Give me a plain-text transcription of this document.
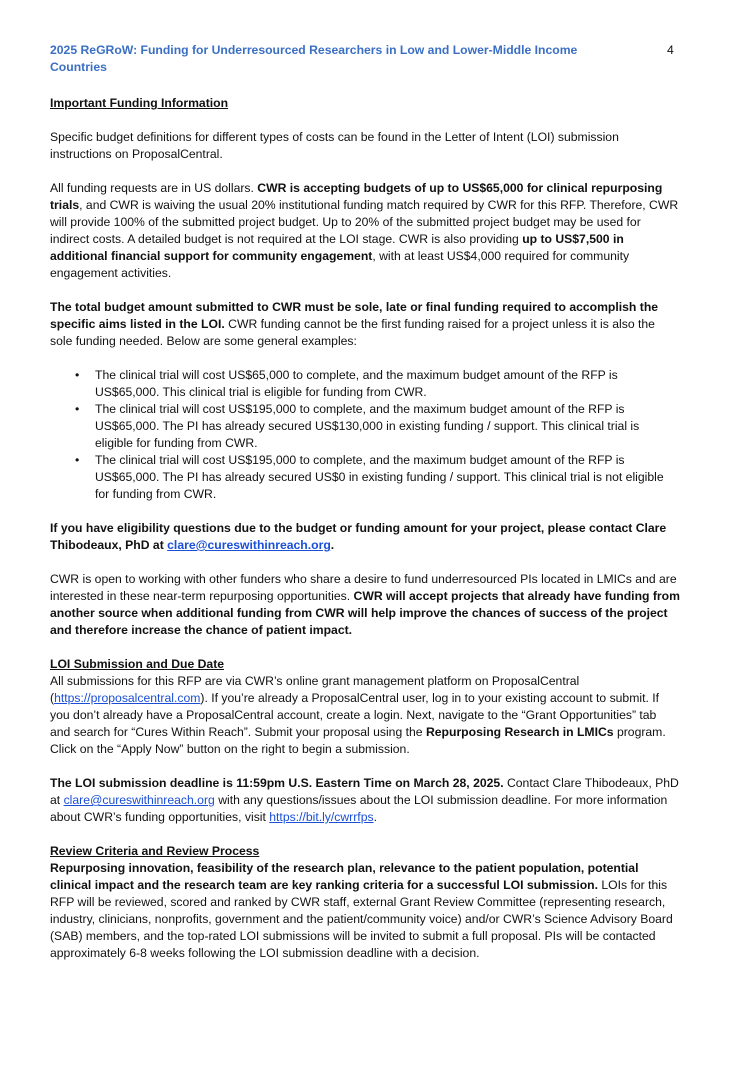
2025 ReGRoW: Funding for Underresourced Researchers in Low and Lower-Middle Income Countries
4

Important Funding Information

Specific budget definitions for different types of costs can be found in the Letter of Intent (LOI) submission instructions on ProposalCentral.

All funding requests are in US dollars. CWR is accepting budgets of up to US$65,000 for clinical repurposing trials, and CWR is waiving the usual 20% institutional funding match required by CWR for this RFP. Therefore, CWR will provide 100% of the submitted project budget. Up to 20% of the submitted project budget may be used for indirect costs. A detailed budget is not required at the LOI stage. CWR is also providing up to US$7,500 in additional financial support for community engagement, with at least US$4,000 required for community engagement activities.

The total budget amount submitted to CWR must be sole, late or final funding required to accomplish the specific aims listed in the LOI. CWR funding cannot be the first funding raised for a project unless it is also the sole funding needed. Below are some general examples:

• The clinical trial will cost US$65,000 to complete, and the maximum budget amount of the RFP is US$65,000. This clinical trial is eligible for funding from CWR.
• The clinical trial will cost US$195,000 to complete, and the maximum budget amount of the RFP is US$65,000. The PI has already secured US$130,000 in existing funding / support. This clinical trial is eligible for funding from CWR.
• The clinical trial will cost US$195,000 to complete, and the maximum budget amount of the RFP is US$65,000. The PI has already secured US$0 in existing funding / support. This clinical trial is not eligible for funding from CWR.

If you have eligibility questions due to the budget or funding amount for your project, please contact Clare Thibodeaux, PhD at clare@cureswithinreach.org.

CWR is open to working with other funders who share a desire to fund underresourced PIs located in LMICs and are interested in these near-term repurposing opportunities. CWR will accept projects that already have funding from another source when additional funding from CWR will help improve the chances of success of the project and therefore increase the chance of patient impact.

LOI Submission and Due Date
All submissions for this RFP are via CWR’s online grant management platform on ProposalCentral (https://proposalcentral.com). If you’re already a ProposalCentral user, log in to your existing account to submit. If you don’t already have a ProposalCentral account, create a login. Next, navigate to the “Grant Opportunities” tab and search for “Cures Within Reach”. Submit your proposal using the Repurposing Research in LMICs program. Click on the “Apply Now” button on the right to begin a submission.

The LOI submission deadline is 11:59pm U.S. Eastern Time on March 28, 2025. Contact Clare Thibodeaux, PhD at clare@cureswithinreach.org with any questions/issues about the LOI submission deadline. For more information about CWR’s funding opportunities, visit https://bit.ly/cwrrfps.

Review Criteria and Review Process
Repurposing innovation, feasibility of the research plan, relevance to the patient population, potential clinical impact and the research team are key ranking criteria for a successful LOI submission. LOIs for this RFP will be reviewed, scored and ranked by CWR staff, external Grant Review Committee (representing research, industry, clinicians, nonprofits, government and the patient/community voice) and/or CWR’s Science Advisory Board (SAB) members, and the top-rated LOI submissions will be invited to submit a full proposal. PIs will be contacted approximately 6-8 weeks following the LOI submission deadline with a decision.
